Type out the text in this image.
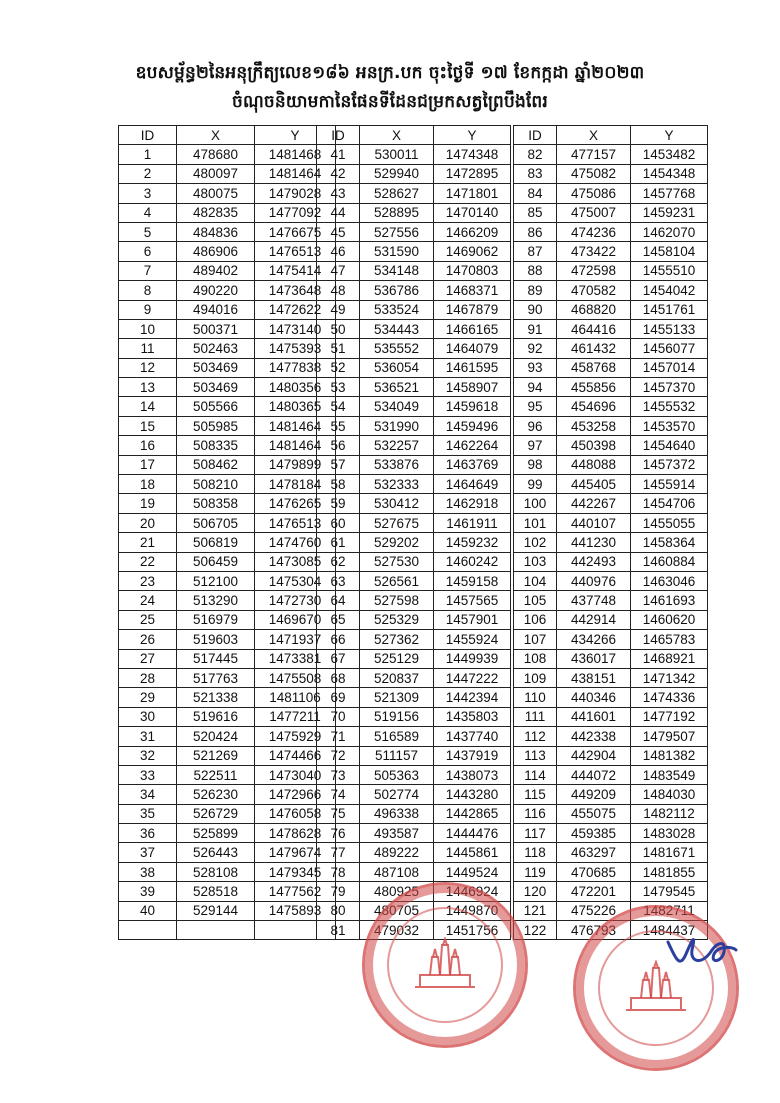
ឧបសម្ព័ន្ធ២នៃអនុក្រឹត្យលេខ១៨៦ អនក្រ.បក ចុះថ្ងៃទី ១៧ ខែកក្កដា ឆ្នាំ២០២៣
ចំណុចនិយាមកានៃផែនទីដែនជម្រកសត្វព្រៃបឹងពែរ
ID	X	Y
1	478680	1481468
2	480097	1481464
3	480075	1479028
4	482835	1477092
5	484836	1476675
6	486906	1476513
7	489402	1475414
8	490220	1473648
9	494016	1472622
10	500371	1473140
11	502463	1475393
12	503469	1477838
13	503469	1480356
14	505566	1480365
15	505985	1481464
16	508335	1481464
17	508462	1479899
18	508210	1478184
19	508358	1476265
20	506705	1476513
21	506819	1474760
22	506459	1473085
23	512100	1475304
24	513290	1472730
25	516979	1469670
26	519603	1471937
27	517445	1473381
28	517763	1475508
29	521338	1481106
30	519616	1477211
31	520424	1475929
32	521269	1474466
33	522511	1473040
34	526230	1472966
35	526729	1476058
36	525899	1478628
37	526443	1479674
38	528108	1479345
39	528518	1477562
40	529144	1475893

ID	X	Y
41	530011	1474348
42	529940	1472895
43	528627	1471801
44	528895	1470140
45	527556	1466209
46	531590	1469062
47	534148	1470803
48	536786	1468371
49	533524	1467879
50	534443	1466165
51	535552	1464079
52	536054	1461595
53	536521	1458907
54	534049	1459618
55	531990	1459496
56	532257	1462264
57	533876	1463769
58	532333	1464649
59	530412	1462918
60	527675	1461911
61	529202	1459232
62	527530	1460242
63	526561	1459158
64	527598	1457565
65	525329	1457901
66	527362	1455924
67	525129	1449939
68	520837	1447222
69	521309	1442394
70	519156	1435803
71	516589	1437740
72	511157	1437919
73	505363	1438073
74	502774	1443280
75	496338	1442865
76	493587	1444476
77	489222	1445861
78	487108	1449524
79	480925	1446924
80	480705	1449870
81	479032	1451756
ID	X	Y
82	477157	1453482
83	475082	1454348
84	475086	1457768
85	475007	1459231
86	474236	1462070
87	473422	1458104
88	472598	1455510
89	470582	1454042
90	468820	1451761
91	464416	1455133
92	461432	1456077
93	458768	1457014
94	455856	1457370
95	454696	1455532
96	453258	1453570
97	450398	1454640
98	448088	1457372
99	445405	1455914
100	442267	1454706
101	440107	1455055
102	441230	1458364
103	442493	1460884
104	440976	1463046
105	437748	1461693
106	442914	1460620
107	434266	1465783
108	436017	1468921
109	438151	1471342
110	440346	1474336
111	441601	1477192
112	442338	1479507
113	442904	1481382
114	444072	1483549
115	449209	1484030
116	455075	1482112
117	459385	1483028
118	463297	1481671
119	470685	1481855
120	472201	1479545
121	475226	1482711
122	476793	1484437
